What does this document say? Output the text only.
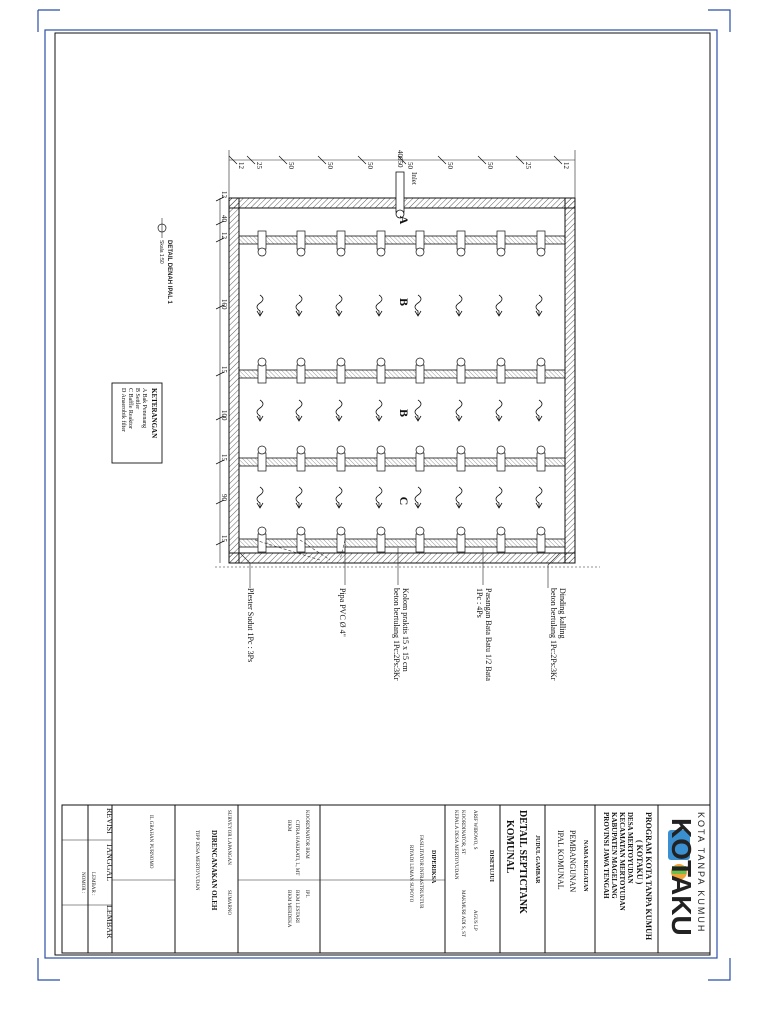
A
B
B
C
12 25	50	50	50	50	50	50	25	12
40050
Inlet
12
40
12
160
15
100
15
90
15
Plester Sudut 1Pc : 3Ps	Pipa PVC Ø 4"	Kolom praktis 15 x 15 cm
beton bertulang 1Pc:2Ps:3Kr	Pasangan Bata Batu 1/2 Bata
1Pc : 4Ps	Dinding kalling
beton bertulang 1Pc:2Ps:3Kr
DETAIL DENAH IPAL 1
Skala 1:50
KETERANGAN
A Bak Penenang
B Settler
C Baffle Reaktor
D Anaerobik filter
KOTAKU KOTA TANPA KUMUH
PROGRAM KOTA TANPA KUMUH
( KOTAKU )
DESA MERTOYUDAN
KECAMATAN MERTOYUDAN
KABUPATEN MAGELANG
PROVINSI JAWA TENGAH
NAMA KEGIATAN
PEMBANGUNAN
IPAL KOMUNAL
JUDUL GAMBAR
DETAIL SEPTICTANK
KOMUNAL
DISETUJUI
KOORDINATOR, ST
KEPALA DESA MERTOYUDAN	ARIF WIBOWO, S
MAKMURI ADI S, ST AGUS LP
DIPERIKSA
FASILITATOR INFRASTRUKTUR
RIYADI LEMAN SUPOYO
KOORDINATOR BKM
CITRA HAKIKATI, L, MT
BKM
IPL
BKM LESTARI
BKM MERDEKA
SURVEYOR LAPANGAN
DIRENCANAKAN OLEH
TIPP DESA MERTOYUDAN
SUMARNO
IL GRAHAN PURNOMO
REVISI
TANGGAL
LEMBAR
LEMBAR :
NOMOR :
